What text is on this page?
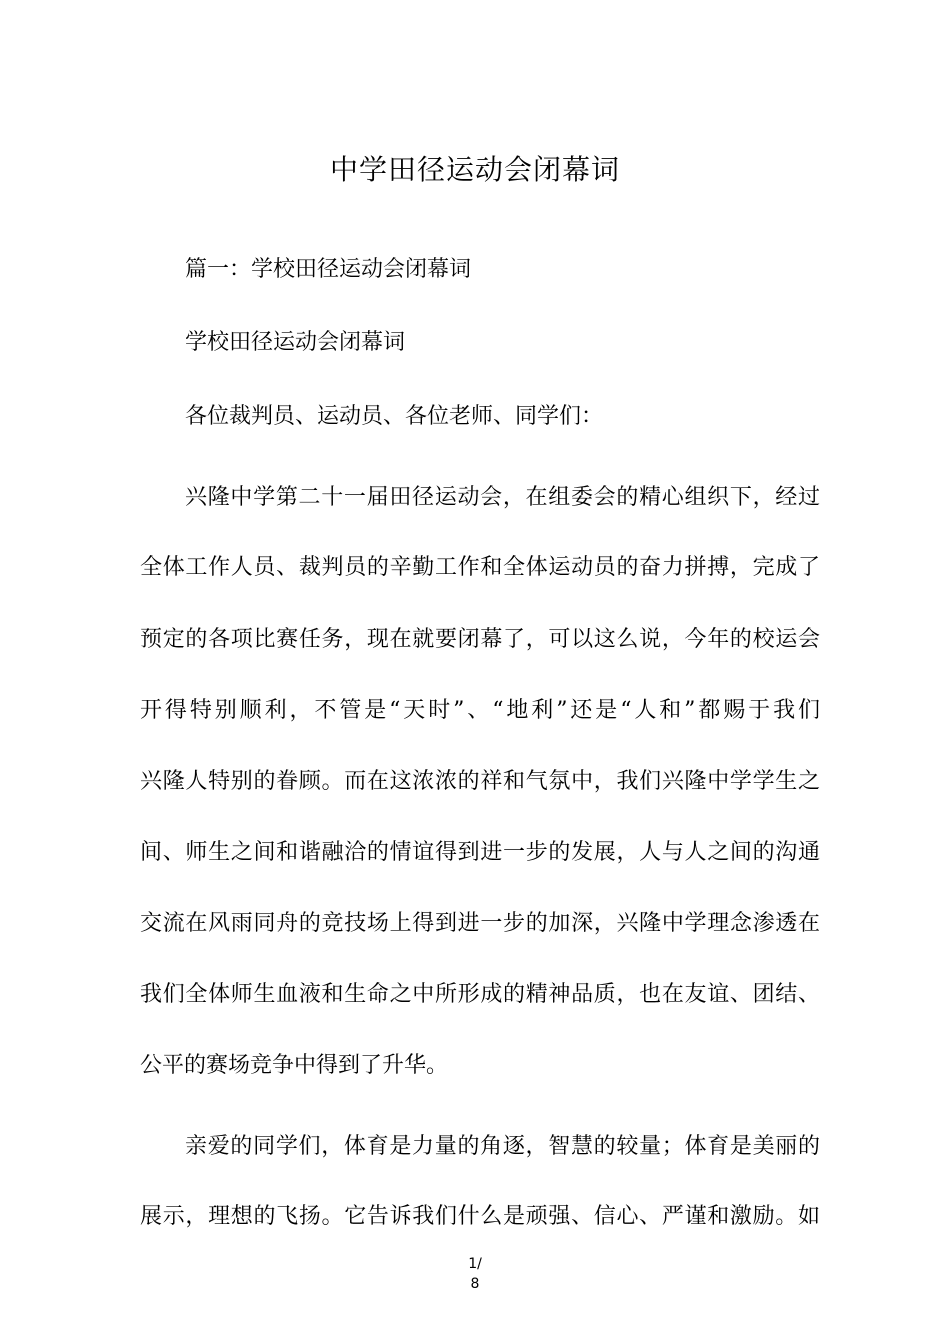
中学田径运动会闭幕词

篇一：学校田径运动会闭幕词

学校田径运动会闭幕词

各位裁判员、运动员、各位老师、同学们：

兴隆中学第二十一届田径运动会，在组委会的精心组织下，经过

全体工作人员、裁判员的辛勤工作和全体运动员的奋力拼搏，完成了

预定的各项比赛任务，现在就要闭幕了，可以这么说，今年的校运会

开得特别顺利，不管是“天时”、“地利”还是“人和”都赐于我们

兴隆人特别的眷顾。而在这浓浓的祥和气氛中，我们兴隆中学学生之

间、师生之间和谐融洽的情谊得到进一步的发展，人与人之间的沟通

交流在风雨同舟的竞技场上得到进一步的加深，兴隆中学理念渗透在

我们全体师生血液和生命之中所形成的精神品质，也在友谊、团结、

公平的赛场竞争中得到了升华。

亲爱的同学们，体育是力量的角逐，智慧的较量；体育是美丽的

展示，理想的飞扬。它告诉我们什么是顽强、信心、严谨和激励。如

1/
8
